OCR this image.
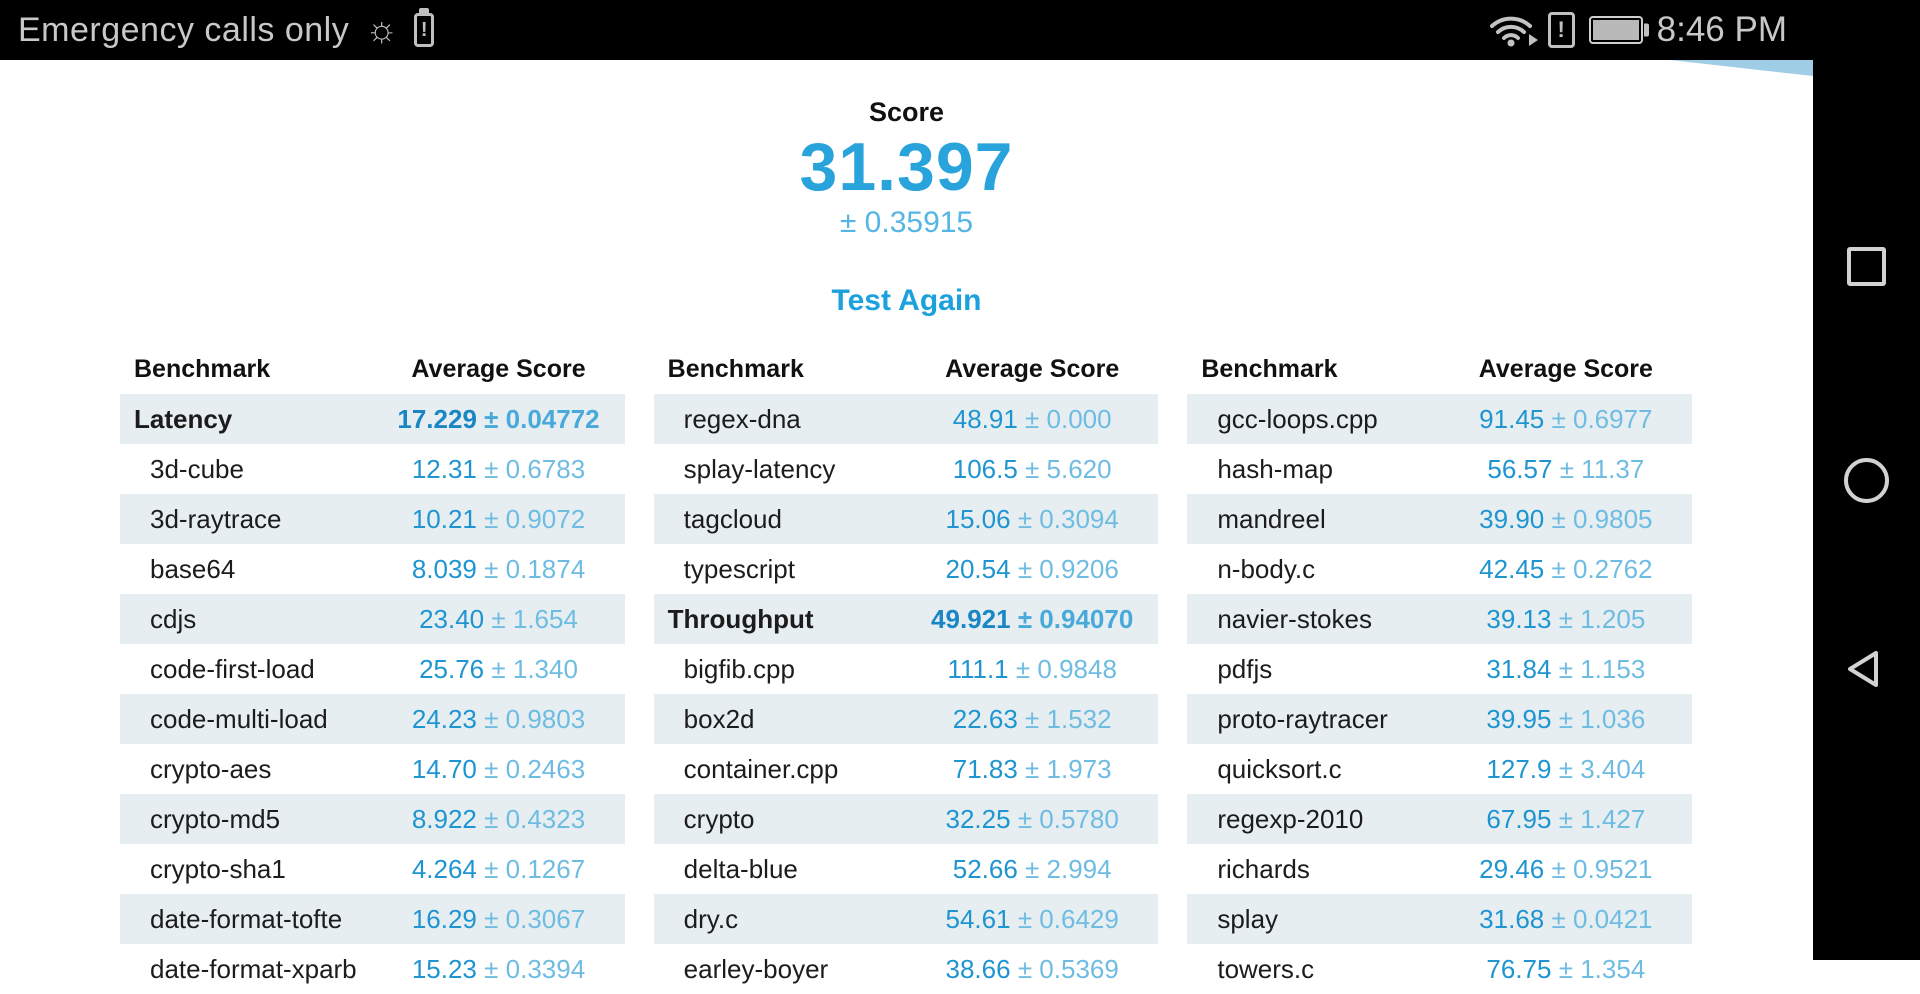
Emergency calls only ☼	!	!	8:46 PM
Score
31.397
± 0.35915
Test Again
Benchmark	Average Score
Latency	17.229 ± 0.04772
3d-cube	12.31 ± 0.6783
3d-raytrace	10.21 ± 0.9072
base64	8.039 ± 0.1874
cdjs	23.40 ± 1.654
code-first-load	25.76 ± 1.340
code-multi-load	24.23 ± 0.9803
crypto-aes	14.70 ± 0.2463
crypto-md5	8.922 ± 0.4323
crypto-sha1	4.264 ± 0.1267
date-format-tofte	16.29 ± 0.3067
date-format-xparb	15.23 ± 0.3394
Benchmark	Average Score
regex-dna	48.91 ± 0.000
splay-latency	106.5 ± 5.620
tagcloud	15.06 ± 0.3094
typescript	20.54 ± 0.9206
Throughput	49.921 ± 0.94070
bigfib.cpp	111.1 ± 0.9848
box2d	22.63 ± 1.532
container.cpp	71.83 ± 1.973
crypto	32.25 ± 0.5780
delta-blue	52.66 ± 2.994
dry.c	54.61 ± 0.6429
earley-boyer	38.66 ± 0.5369
Benchmark	Average Score
gcc-loops.cpp	91.45 ± 0.6977
hash-map	56.57 ± 11.37
mandreel	39.90 ± 0.9805
n-body.c	42.45 ± 0.2762
navier-stokes	39.13 ± 1.205
pdfjs	31.84 ± 1.153
proto-raytracer	39.95 ± 1.036
quicksort.c	127.9 ± 3.404
regexp-2010	67.95 ± 1.427
richards	29.46 ± 0.9521
splay	31.68 ± 0.0421
towers.c	76.75 ± 1.354
